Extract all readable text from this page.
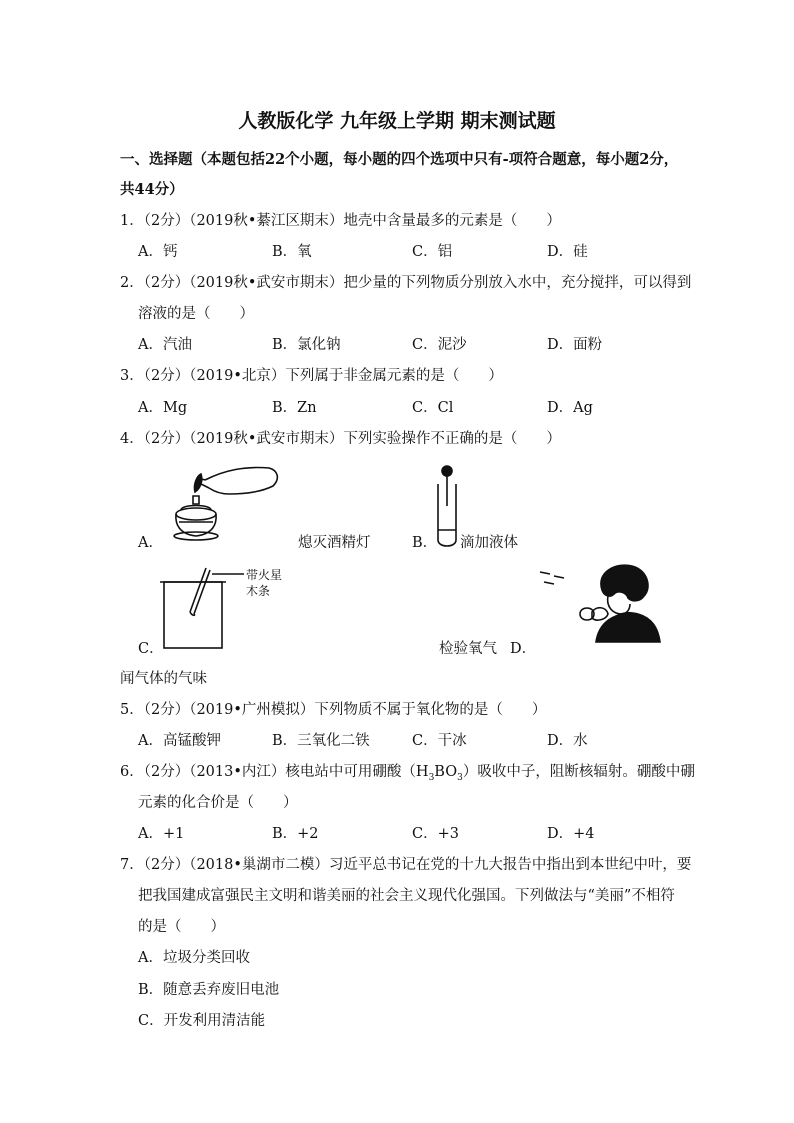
人教版化学 九年级上学期 期末测试题
一、选择题（本题包括22个小题，每小题的四个选项中只有-项符合题意，每小题2分，
共44分）
1．（2分）（2019秋•綦江区期末）地壳中含量最多的元素是（　　）
A．钙	B．氧	C．铝	D．硅
2．（2分）（2019秋•武安市期末）把少量的下列物质分别放入水中，充分搅拌，可以得到
溶液的是（　　）
A．汽油	B．氯化钠	C．泥沙	D．面粉
3．（2分）（2019•北京）下列属于非金属元素的是（　　）
A．Mg	B．Zn	C．Cl	D．Ag
4．（2分）（2019秋•武安市期末）下列实验操作不正确的是（　　）
A．	熄灭酒精灯	B． 滴加液体
带火星
木条
C．	检验氧气 D．
闻气体的气味
5．（2分）（2019•广州模拟）下列物质不属于氧化物的是（　　）
A．高锰酸钾	B．三氧化二铁	C．干冰	D．水
6．（2分）（2013•内江）核电站中可用硼酸$(H_3BO_3)$吸收中子，阻断核辐射。硼酸中硼
元素的化合价是（　　）
A．+1	B．+2	C．+3	D．+4
7．（2分）（2018•巢湖市二模）习近平总书记在党的十九大报告中指出到本世纪中叶，要
把我国建成富强民主文明和谐美丽的社会主义现代化强国。下列做法与“美丽”不相符
的是（　　）
A．垃圾分类回收
B．随意丢弃废旧电池
C．开发利用清洁能
